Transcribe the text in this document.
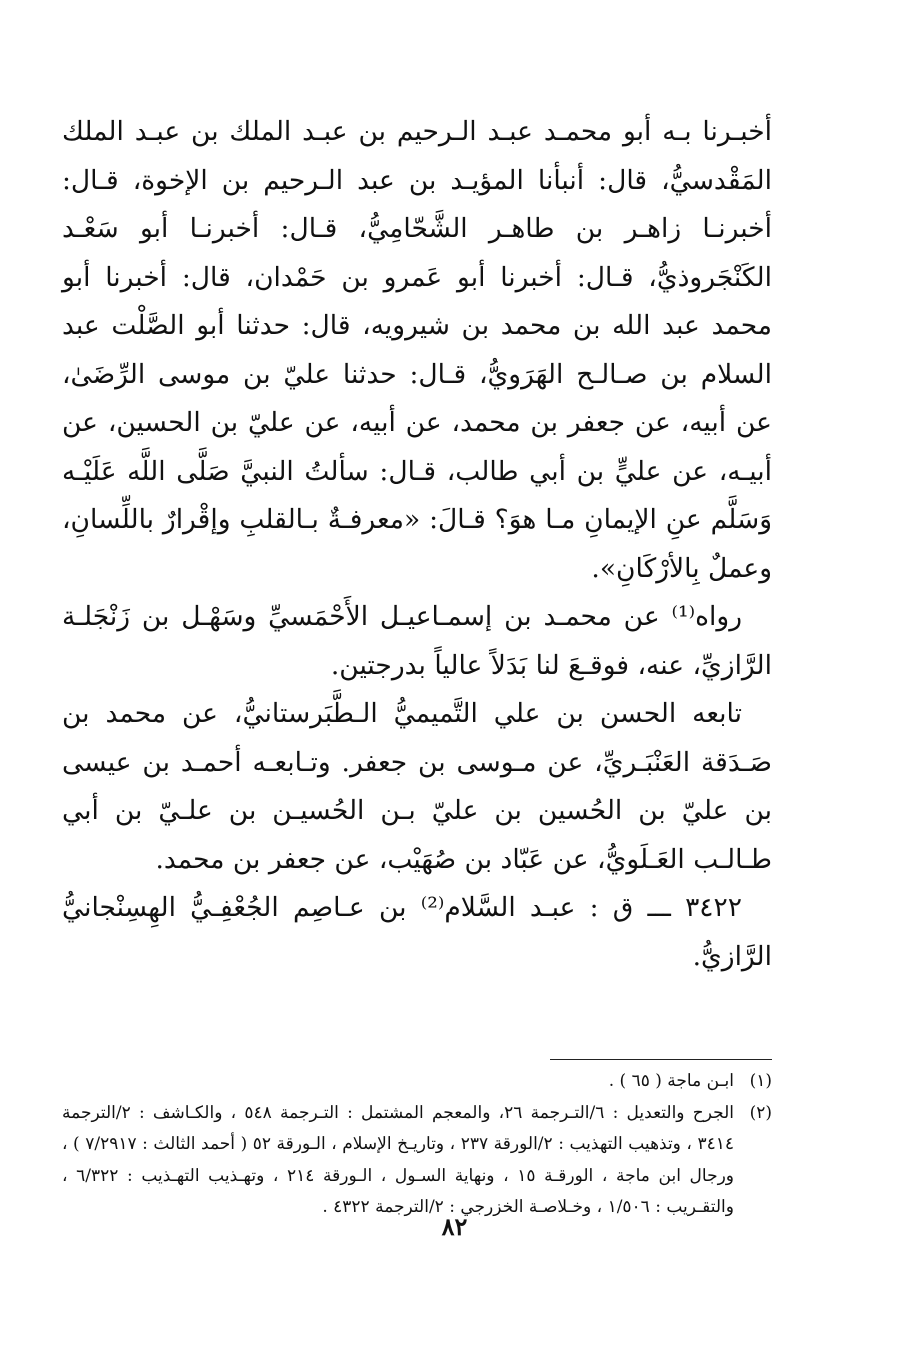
أخبـرنا بـه أبو محمـد عبـد الـرحيم بن عبـد الملك بن عبـد الملك المَقْدسيُّ، قال: أنبأنا المؤيـد بن عبد الـرحيم بن الإخوة، قـال: أخبرنـا زاهـر بن طاهـر الشَّحّامِيُّ، قـال: أخبرنـا أبو سَعْـد الكَنْجَروذيُّ، قـال: أخبرنا أبو عَمرو بن حَمْدان، قال: أخبرنا أبو محمد عبد الله بن محمد بن شيرويه، قال: حدثنا أبو الصَّلْت عبد السلام بن صـالـح الهَرَويُّ، قـال: حدثنا عليّ بن موسى الرِّضَىٰ، عن أبيه، عن جعفر بن محمد، عن أبيه، عن عليّ بن الحسين، عن أبيـه، عن عليٍّ بن أبي طالب، قـال: سألتُ النبيَّ صَلَّى اللَّه عَلَيْـه وَسَلَّم عنِ الإيمانِ مـا هوَ؟ قـالَ: «معرفـةٌ بـالقلبِ وإقْرارٌ باللِّسانِ، وعملٌ بِالأرْكَانِ».

رواه⁽¹⁾ عن محمـد بن إسمـاعيـل الأَحْمَسيِّ وسَهْـل بن زَنْجَلـة الرَّازيِّ، عنه، فوقـعَ لنا بَدَلاً عالياً بدرجتين.

تابعه الحسن بن علي التَّميميُّ الـطَّبَرستانيُّ، عن محمد بن صَـدَقة العَنْبَـريِّ، عن مـوسى بن جعفر. وتـابعـه أحمـد بن عيسى بن عليّ بن الحُسين بن عليّ بـن الحُسيـن بن علـيّ بن أبي طـالـب العَـلَويُّ، عن عَبّاد بن صُهَيْب، عن جعفر بن محمد.

٣٤٢٢ ـــ ق : عبـد السَّلام⁽²⁾ بن عـاصِم الجُعْفِـيُّ الهِسِنْجانيُّ الرَّازيُّ.

(١)
ابـن ماجة ( ٦٥ ) .
(٢)
الجرح والتعديل : ٦/التـرجمة ٢٦، والمعجم المشتمل : التـرجمة ٥٤٨ ، والكـاشف : ٢/الترجمة ٣٤١٤ ، وتذهيب التهذيب : ٢/الورقة ٢٣٧ ، وتاريـخ الإسلام ، الـورقة ٥٢ ( أحمد الثالث : ٧/٢٩١٧ ) ، ورجال ابن ماجة ، الورقـة ١٥ ، ونهاية السـول ، الـورقة ٢١٤ ، وتهـذيب التهـذيب : ٦/٣٢٢ ، والتقـريب : ١/٥٠٦ ، وخـلاصـة الخزرجي : ٢/الترجمة ٤٣٢٢ .
٨٢
